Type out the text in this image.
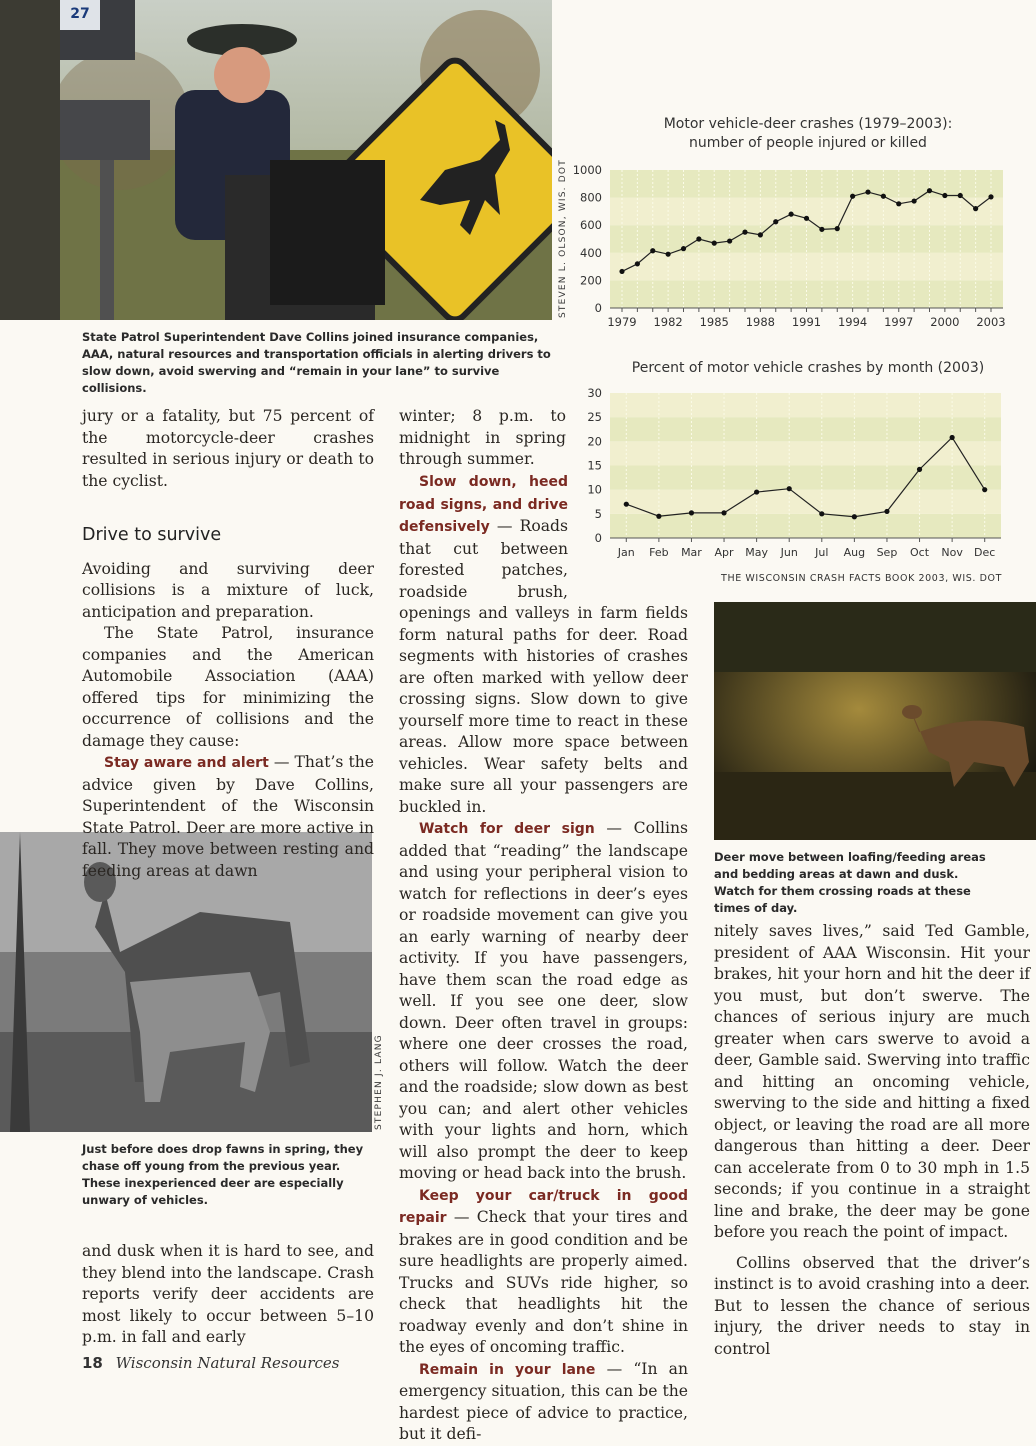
27
STEVEN L. OLSON, WIS. DOT
State Patrol Superintendent Dave Collins joined insurance companies, AAA, natural resources and transportation officials in alerting drivers to slow down, avoid swerving and “remain in your lane” to survive collisions.
Motor vehicle-deer crashes (1979–2003):
number of people injured or killed
0
200
400
600
800
1000
1979 1982 1985 1988 1991 1994 1997 2000 2003
Percent of motor vehicle crashes by month (2003)
0
5
10
15
20
25
30
Jan Feb Mar Apr May Jun Jul Aug Sep Oct Nov Dec
THE WISCONSIN CRASH FACTS BOOK 2003, WIS. DOT
Deer move between loafing/feeding areas and bedding areas at dawn and dusk. Watch for them crossing roads at these times of day.
STEPHEN J. LANG
Just before does drop fawns in spring, they chase off young from the previous year. These inexperienced deer are especially unwary of vehicles.

jury or a fatality, but 75 percent of the motorcycle-deer crashes resulted in serious injury or death to the cyclist.

Drive to survive

Avoiding and surviving deer collisions is a mixture of luck, anticipation and preparation.

The State Patrol, insurance companies and the American Automobile Association (AAA) offered tips for minimizing the occurrence of collisions and the damage they cause:

Stay aware and alert — That’s the advice given by Dave Collins, Superintendent of the Wisconsin State Patrol. Deer are more active in fall. They move between resting and feeding areas at dawn

and dusk when it is hard to see, and they blend into the landscape. Crash reports verify deer accidents are most likely to occur between 5–10 p.m. in fall and early

winter; 8 p.m. to midnight in spring through summer.

Slow down, heed road signs, and drive defensively — Roads that cut between forested patches, roadside brush, openings and valleys in farm fields form natural paths for deer. Road segments with histories of crashes are often marked with yellow deer crossing signs. Slow down to give yourself more time to react in these areas. Allow more space between vehicles. Wear safety belts and make sure all your passengers are buckled in.

Watch for deer sign — Collins added that “reading” the landscape and using your peripheral vision to watch for reflections in deer’s eyes or roadside movement can give you an early warning of nearby deer activity. If you have passengers, have them scan the road edge as well. If you see one deer, slow down. Deer often travel in groups: where one deer crosses the road, others will follow. Watch the deer and the roadside; slow down as best you can; and alert other vehicles with your lights and horn, which will also prompt the deer to keep moving or head back into the brush.

Keep your car/truck in good repair — Check that your tires and brakes are in good condition and be sure headlights are properly aimed. Trucks and SUVs ride higher, so check that headlights hit the roadway evenly and don’t shine in the eyes of oncoming traffic.

Remain in your lane — “In an emergency situation, this can be the hardest piece of advice to practice, but it defi-

nitely saves lives,” said Ted Gamble, president of AAA Wisconsin. Hit your brakes, hit your horn and hit the deer if you must, but don’t swerve. The chances of serious injury are much greater when cars swerve to avoid a deer, Gamble said. Swerving into traffic and hitting an oncoming vehicle, swerving to the side and hitting a fixed object, or leaving the road are all more dangerous than hitting a deer. Deer can accelerate from 0 to 30 mph in 1.5 seconds; if you continue in a straight line and brake, the deer may be gone before you reach the point of impact.

Collins observed that the driver’s instinct is to avoid crashing into a deer. But to lessen the chance of serious injury, the driver needs to stay in control

18 Wisconsin Natural Resources
